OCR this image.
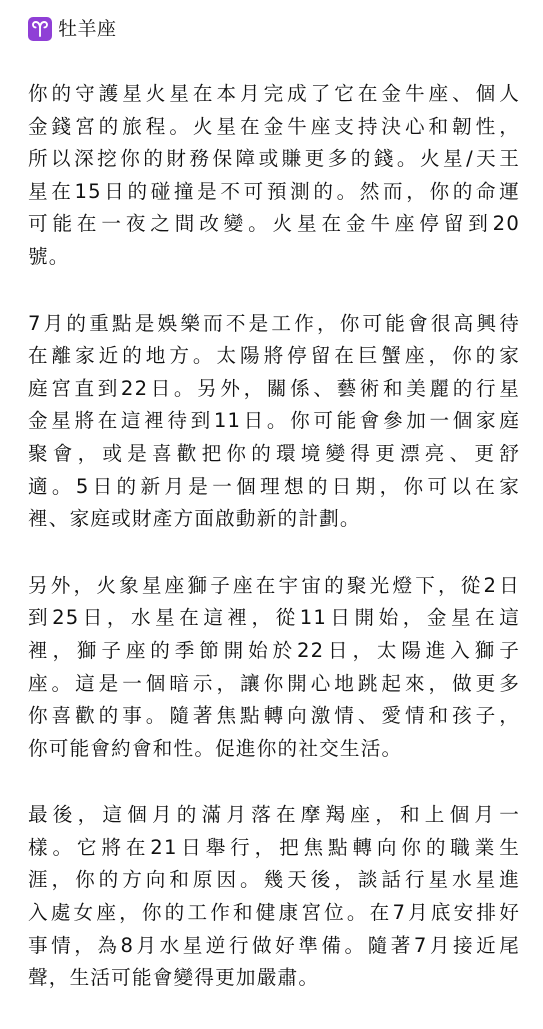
牡羊座

你的守護星火星在本月完成了它在金牛座、個人
金錢宮的旅程。火星在金牛座支持決心和韌性，
所以深挖你的財務保障或賺更多的錢。火星/天王
星在15日的碰撞是不可預測的。然而，你的命運
可能在一夜之間改變。火星在金牛座停留到20
號。

7月的重點是娛樂而不是工作，你可能會很高興待
在離家近的地方。太陽將停留在巨蟹座，你的家
庭宮直到22日。另外，關係、藝術和美麗的行星
金星將在這裡待到11日。你可能會參加一個家庭
聚會，或是喜歡把你的環境變得更漂亮、更舒
適。5日的新月是一個理想的日期，你可以在家
裡、家庭或財產方面啟動新的計劃。

另外，火象星座獅子座在宇宙的聚光燈下，從2日
到25日，水星在這裡，從11日開始，金星在這
裡，獅子座的季節開始於22日，太陽進入獅子
座。這是一個暗示，讓你開心地跳起來，做更多
你喜歡的事。隨著焦點轉向激情、愛情和孩子，
你可能會約會和性。促進你的社交生活。

最後，這個月的滿月落在摩羯座，和上個月一
樣。它將在21日舉行，把焦點轉向你的職業生
涯，你的方向和原因。幾天後，談話行星水星進
入處女座，你的工作和健康宮位。在7月底安排好
事情，為8月水星逆行做好準備。隨著7月接近尾
聲，生活可能會變得更加嚴肅。
